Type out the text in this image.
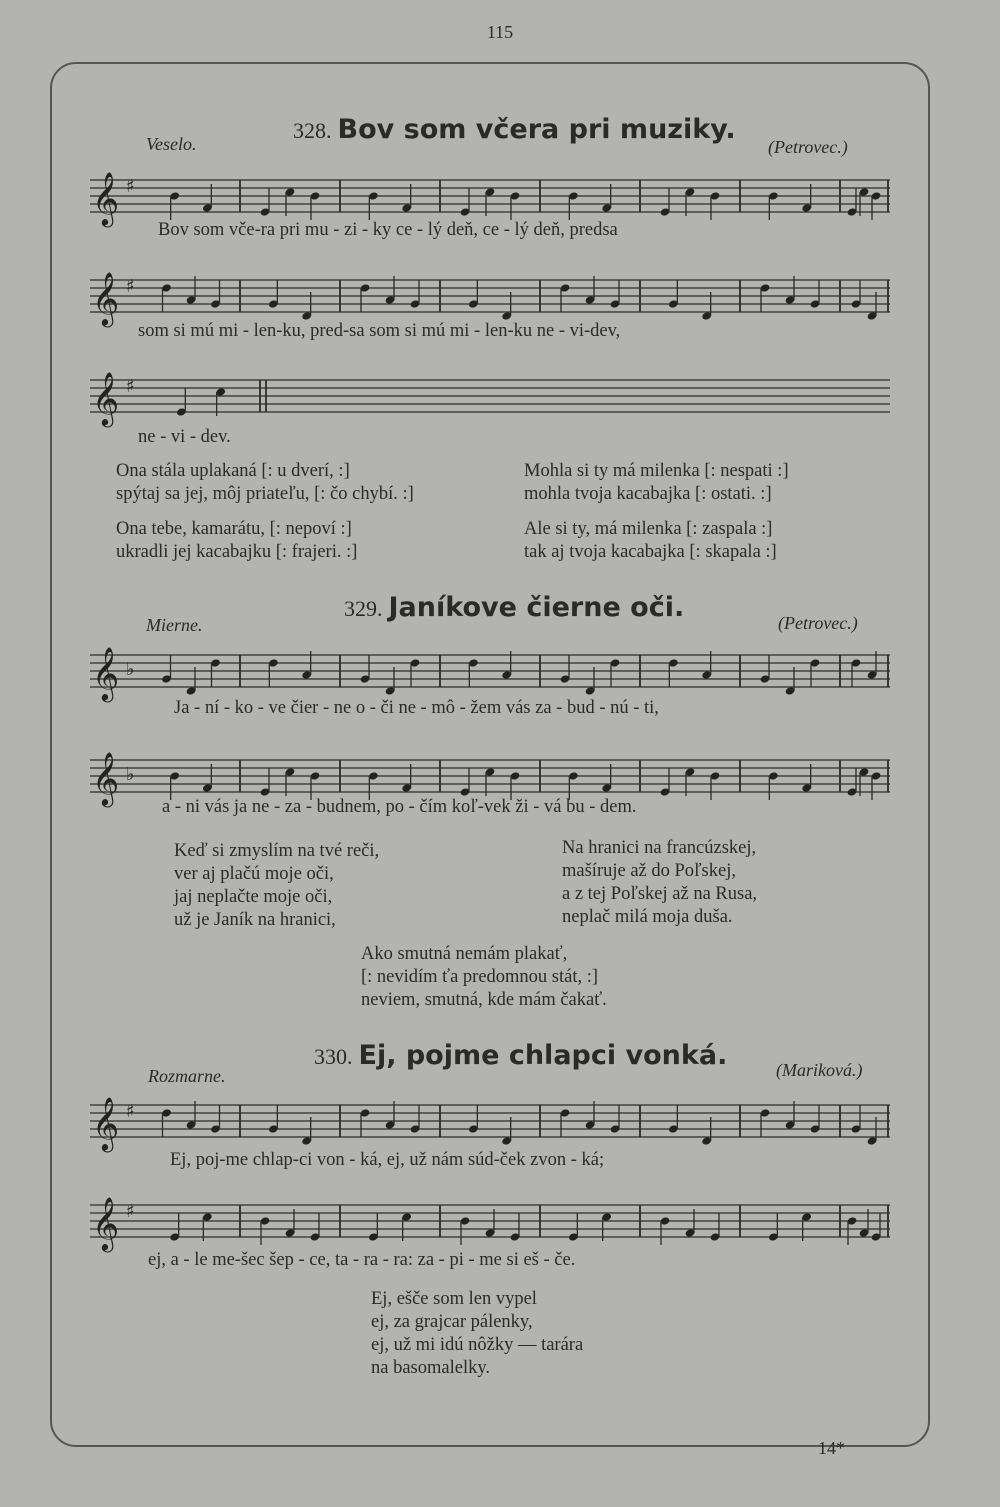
115
328. Bov som včera pri muziky.
Veselo.	(Petrovec.)
𝄞 ♯
Bov som vče-ra pri mu - zi - ky ce - lý deň, ce - lý deň, predsa
𝄞 ♯
som si mú mi - len-ku, pred-sa som si mú mi - len-ku ne - vi-dev,
𝄞 ♯
ne - vi - dev.
Ona stála uplakaná [: u dverí, :]
spýtaj sa jej, môj priateľu, [: čo chybí. :]
Ona tebe, kamarátu, [: nepoví :]
ukradli jej kacabajku [: frajeri. :]
Mohla si ty má milenka [: nespati :]
mohla tvoja kacabajka [: ostati. :]
Ale si ty, má milenka [: zaspala :]
tak aj tvoja kacabajka [: skapala :]
329. Janíkove čierne oči.
Mierne.	(Petrovec.)
𝄞 ♭
Ja - ní - ko - ve čier - ne o - či ne - mô - žem vás za - bud - nú - ti,
𝄞 ♭
a - ni vás ja ne - za - budnem, po - čím koľ-vek ži - vá bu - dem.
Keď si zmyslím na tvé reči,
ver aj plačú moje oči,
jaj neplačte moje oči,
už je Janík na hranici,
Na hranici na francúzskej,
mašíruje až do Poľskej,
a z tej Poľskej až na Rusa,
neplač milá moja duša.
Ako smutná nemám plakať,
[: nevidím ťa predomnou stát, :]
neviem, smutná, kde mám čakať.
330. Ej, pojme chlapci vonká.
Rozmarne.	(Mariková.)
𝄞 ♯
Ej, poj-me chlap-ci von - ká, ej, už nám súd-ček zvon - ká;
𝄞 ♯
ej, a - le me-šec šep - ce, ta - ra - ra: za - pi - me si eš - če.
Ej, ešče som len vypel
ej, za grajcar pálenky,
ej, už mi idú nôžky — tarára
na basomalelky.
14*
